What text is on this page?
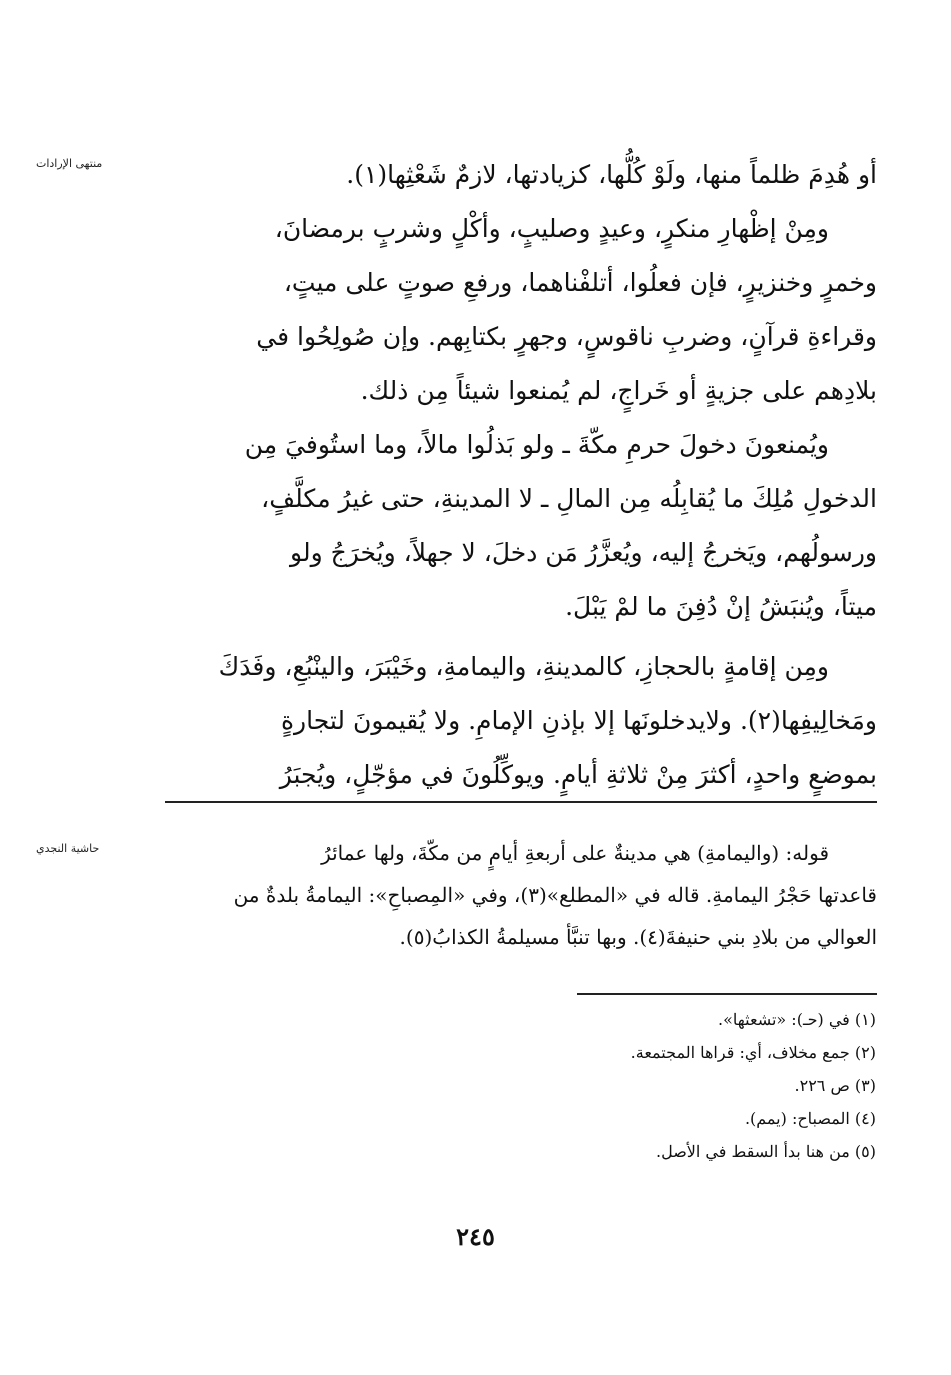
منتهى الإرادات
حاشية النجدي
أو هُدِمَ ظلماً منها، ولَوْ كُلُّها، كزيادتها، لازمٌ شَعْثِها(١).
ومِنْ إظْهارِ منكرٍ، وعيدٍ وصليبٍ، وأكْلٍ وشربٍ برمضانَ،
وخمرٍ وخنزيرٍ، فإن فعلُوا، أتلفْناهما، ورفعِ صوتٍ على ميتٍ،
وقراءةِ قرآنٍ، وضربِ ناقوسٍ، وجهرٍ بكتابِهم. وإن صُولِحُوا في
بلادِهم على جزيةٍ أو خَراجٍ، لم يُمنعوا شيئاً مِن ذلك.
ويُمنعونَ دخولَ حرمِ مكّةَ ـ ولو بَذلُوا مالاً، وما استُوفيَ مِن
الدخولِ مُلِكَ ما يُقابِلُه مِن المالِ ـ لا المدينةِ، حتى غيرُ مكلَّفٍ،
ورسولُهم، ويَخرجُ إليه، ويُعزَّرُ مَن دخلَ، لا جهلاً، ويُخرَجُ ولو
ميتاً، ويُنبَشُ إنْ دُفِنَ ما لمْ يَبْلَ.
ومِن إقامةٍ بالحجازِ، كالمدينةِ، واليمامةِ، وخَيْبَرَ، والينْبُعِ، وفَدَكَ
ومَخالِيفِها(٢). ولايدخلونَها إلا بإذنِ الإمامِ. ولا يُقيمونَ لتجارةٍ
بموضعٍ واحدٍ، أكثرَ مِنْ ثلاثةِ أيامٍ. ويوكِّلُونَ في مؤجّلٍ، ويُجبَرُ
قوله: (واليمامةِ) هي مدينةٌ على أربعةِ أيامٍ من مكّةَ، ولها عمائرُ
قاعدتها حَجْرُ اليمامةِ. قاله في «المطلع»(٣)، وفي «المِصباحِ»: اليمامةُ بلدةٌ من
العوالي من بلادِ بني حنيفةَ(٤). وبها تنبَّأ مسيلمةُ الكذابُ(٥).
(١) في (حـ): «تشعثها».
(٢) جمع مخلاف، أي: قراها المجتمعة.
(٣) ص ٢٢٦.
(٤) المصباح: (يمم).
(٥) من هنا بدأ السقط في الأصل.
٢٤٥
